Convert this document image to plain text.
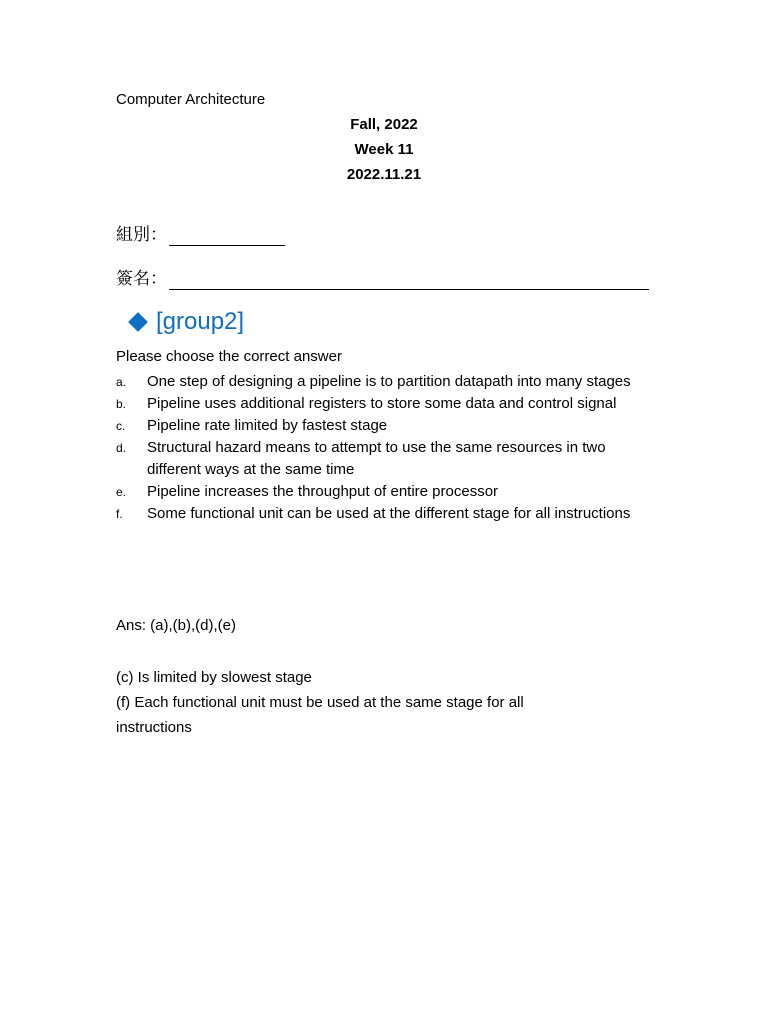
Computer Architecture
Fall, 2022
Week 11
2022.11.21
組別：
簽名：
[group2]
Please choose the correct answer
a.	One step of designing a pipeline is to partition datapath into many stages
b.	Pipeline uses additional registers to store some data and control signal
c.	Pipeline rate limited by fastest stage
d.	Structural hazard means to attempt to use the same resources in two different ways at the same time
e.	Pipeline increases the throughput of entire processor
f.	Some functional unit can be used at the different stage for all instructions
Ans: (a),(b),(d),(e)
(c) Is limited by slowest stage
(f) Each functional unit must be used at the same stage for all instructions
